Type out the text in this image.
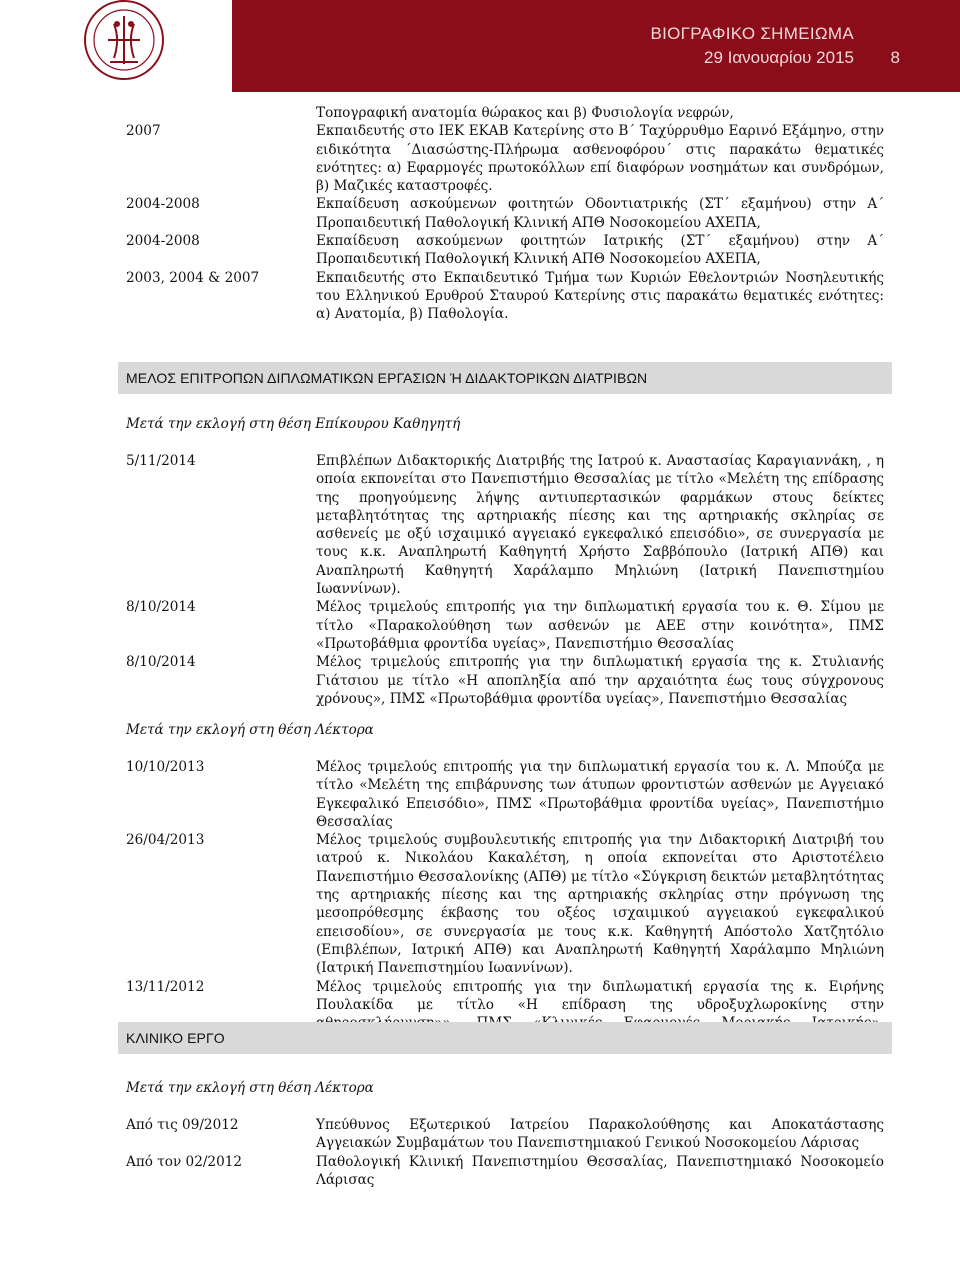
ΒΙΟΓΡΑΦΙΚΟ ΣΗΜΕΙΩΜΑ
29 Ιανουαρίου 2015 8
Τοπογραφική ανατομία θώρακος και β) Φυσιολογία νεφρών,
2007	Εκπαιδευτής στο ΙΕΚ ΕΚΑΒ Κατερίνης στο Β΄ Ταχύρρυθμο Εαρινό Εξάμηνο, στην ειδικότητα ΄Διασώστης-Πλήρωμα ασθενοφόρου΄ στις παρακάτω θεματικές ενότητες: α) Εφαρμογές πρωτοκόλλων επί διαφόρων νοσημάτων και συνδρόμων, β) Μαζικές καταστροφές.
2004-2008	Εκπαίδευση ασκούμενων φοιτητών Οδοντιατρικής (ΣΤ΄ εξαμήνου) στην Α΄ Προπαιδευτική Παθολογική Κλινική ΑΠΘ Νοσοκομείου ΑΧΕΠΑ,
2004-2008	Εκπαίδευση ασκούμενων φοιτητών Ιατρικής (ΣΤ΄ εξαμήνου) στην Α΄ Προπαιδευτική Παθολογική Κλινική ΑΠΘ Νοσοκομείου ΑΧΕΠΑ,
2003, 2004 & 2007	Εκπαιδευτής στο Εκπαιδευτικό Τμήμα των Κυριών Εθελοντριών Νοσηλευτικής του Ελληνικού Ερυθρού Σταυρού Κατερίνης στις παρακάτω θεματικές ενότητες: α) Ανατομία, β) Παθολογία.
ΜΕΛΟΣ ΕΠΙΤΡΟΠΩΝ ΔΙΠΛΩΜΑΤΙΚΩΝ ΕΡΓΑΣΙΩΝ Ή ΔΙΔΑΚΤΟΡΙΚΩΝ ΔΙΑΤΡΙΒΩΝ
Μετά την εκλογή στη θέση Επίκουρου Καθηγητή
5/11/2014	Επιβλέπων Διδακτορικής Διατριβής της Ιατρού κ. Αναστασίας Καραγιαννάκη, , η οποία εκπονείται στο Πανεπιστήμιο Θεσσαλίας με τίτλο «Μελέτη της επίδρασης της προηγούμενης λήψης αντιυπερτασικών φαρμάκων στους δείκτες μεταβλητότητας της αρτηριακής πίεσης και της αρτηριακής σκληρίας σε ασθενείς με οξύ ισχαιμικό αγγειακό εγκεφαλικό επεισόδιο», σε συνεργασία με τους κ.κ. Αναπληρωτή Καθηγητή Χρήστο Σαββόπουλο (Ιατρική ΑΠΘ) και Αναπληρωτή Καθηγητή Χαράλαμπο Μηλιώνη (Ιατρική Πανεπιστημίου Ιωαννίνων).
8/10/2014	Μέλος τριμελούς επιτροπής για την διπλωματική εργασία του κ. Θ. Σίμου με τίτλο «Παρακολούθηση των ασθενών με ΑΕΕ στην κοινότητα», ΠΜΣ «Πρωτοβάθμια φροντίδα υγείας», Πανεπιστήμιο Θεσσαλίας
8/10/2014	Μέλος τριμελούς επιτροπής για την διπλωματική εργασία της κ. Στυλιανής Γιάτσιου με τίτλο «Η αποπληξία από την αρχαιότητα έως τους σύγχρονους χρόνους», ΠΜΣ «Πρωτοβάθμια φροντίδα υγείας», Πανεπιστήμιο Θεσσαλίας
Μετά την εκλογή στη θέση Λέκτορα
10/10/2013	Μέλος τριμελούς επιτροπής για την διπλωματική εργασία του κ. Λ. Μπούζα με τίτλο «Μελέτη της επιβάρυνσης των άτυπων φροντιστών ασθενών με Αγγειακό Εγκεφαλικό Επεισόδιο», ΠΜΣ «Πρωτοβάθμια φροντίδα υγείας», Πανεπιστήμιο Θεσσαλίας
26/04/2013	Μέλος τριμελούς συμβουλευτικής επιτροπής για την Διδακτορική Διατριβή του ιατρού κ. Νικολάου Κακαλέτση, η οποία εκπονείται στο Αριστοτέλειο Πανεπιστήμιο Θεσσαλονίκης (ΑΠΘ) με τίτλο «Σύγκριση δεικτών μεταβλητότητας της αρτηριακής πίεσης και της αρτηριακής σκληρίας στην πρόγνωση της μεσοπρόθεσμης έκβασης του οξέος ισχαιμικού αγγειακού εγκεφαλικού επεισοδίου», σε συνεργασία με τους κ.κ. Καθηγητή Απόστολο Χατζητόλιο (Επιβλέπων, Ιατρική ΑΠΘ) και Αναπληρωτή Καθηγητή Χαράλαμπο Μηλιώνη (Ιατρική Πανεπιστημίου Ιωαννίνων).
13/11/2012	Μέλος τριμελούς επιτροπής για την διπλωματική εργασία της κ. Ειρήνης Πουλακίδα με τίτλο «Η επίδραση της υδροξυχλωροκίνης στην
ΚΛΙΝΙΚΟ ΕΡΓΟ
Μετά την εκλογή στη θέση Λέκτορα
Από τις 09/2012	Υπεύθυνος Εξωτερικού Ιατρείου Παρακολούθησης και Αποκατάστασης Αγγειακών Συμβαμάτων του Πανεπιστημιακού Γενικού Νοσοκομείου Λάρισας
Από τον 02/2012	Παθολογική Κλινική Πανεπιστημίου Θεσσαλίας, Πανεπιστημιακό Νοσοκομείο Λάρισας
